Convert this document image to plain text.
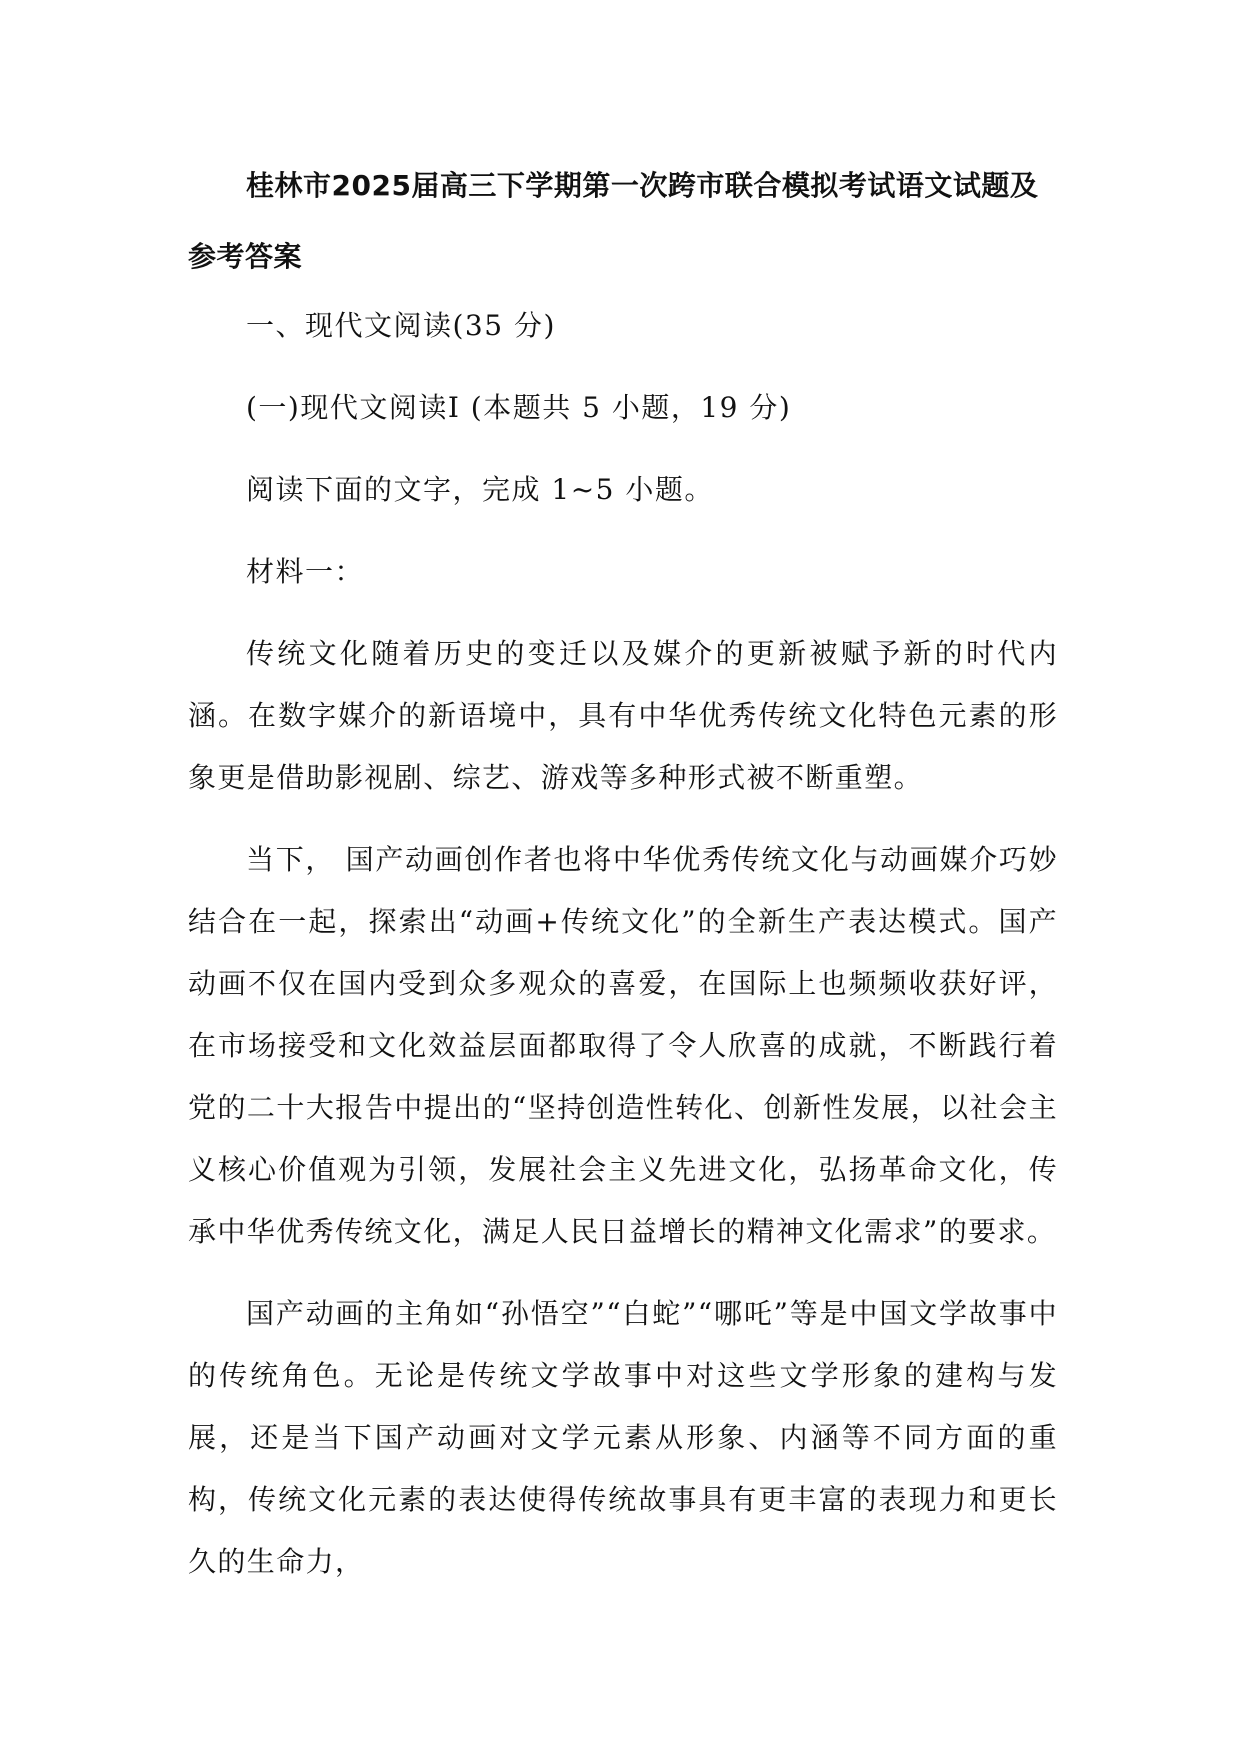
桂林市2025届高三下学期第一次跨市联合模拟考试语文试题及参考答案

一、现代文阅读(35 分)

(一)现代文阅读Ⅰ (本题共 5 小题，19 分)

阅读下面的文字，完成 1~5 小题。

材料一：

传统文化随着历史的变迁以及媒介的更新被赋予新的时代内涵。在数字媒介的新语境中，具有中华优秀传统文化特色元素的形象更是借助影视剧、综艺、游戏等多种形式被不断重塑。

当下， 国产动画创作者也将中华优秀传统文化与动画媒介巧妙结合在一起，探索出“动画+传统文化”的全新生产表达模式。国产动画不仅在国内受到众多观众的喜爱，在国际上也频频收获好评，在市场接受和文化效益层面都取得了令人欣喜的成就，不断践行着党的二十大报告中提出的“坚持创造性转化、创新性发展，以社会主义核心价值观为引领，发展社会主义先进文化，弘扬革命文化，传承中华优秀传统文化，满足人民日益增长的精神文化需求”的要求。

国产动画的主角如“孙悟空”“白蛇”“哪吒”等是中国文学故事中的传统角色。无论是传统文学故事中对这些文学形象的建构与发展，还是当下国产动画对文学元素从形象、内涵等不同方面的重构，传统文化元素的表达使得传统故事具有更丰富的表现力和更长久的生命力，
